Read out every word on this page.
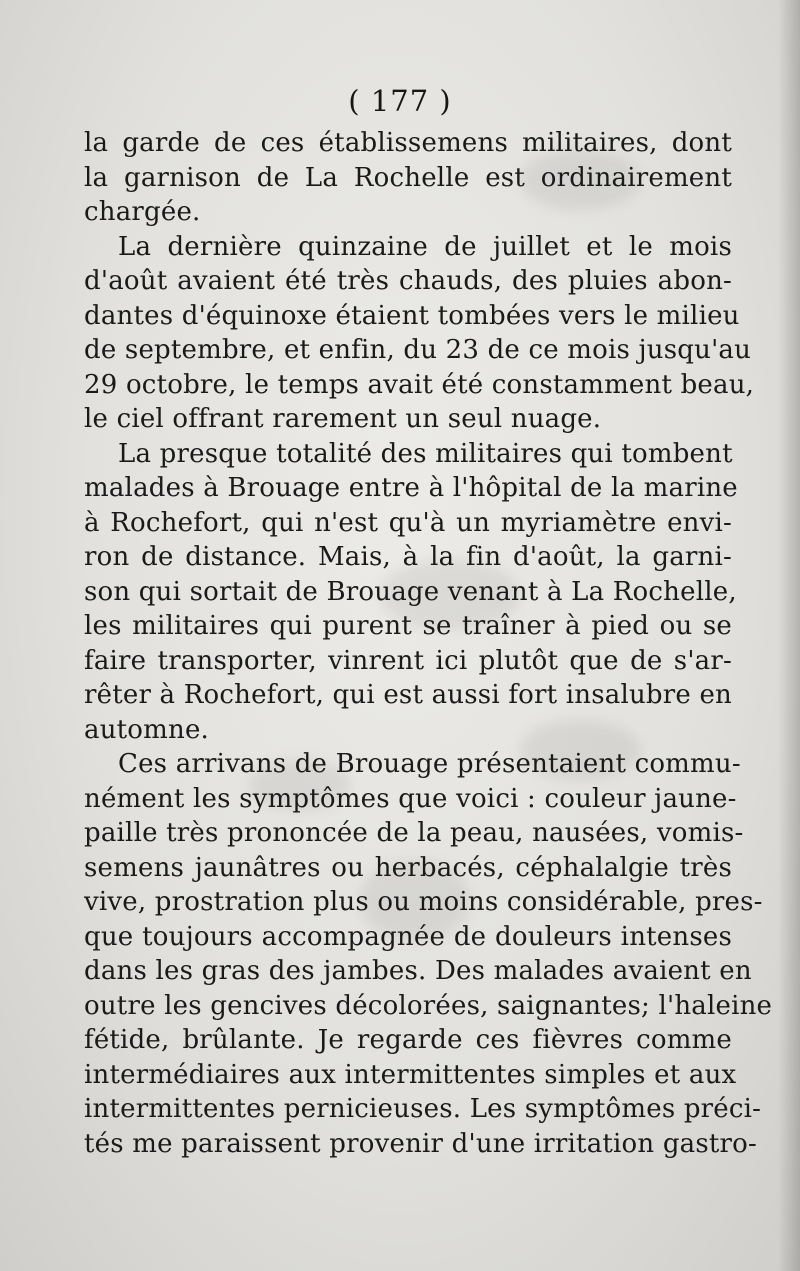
( 177 )
la garde de ces établissemens militaires, dont
la garnison de La Rochelle est ordinairement
chargée.
La dernière quinzaine de juillet et le mois
d'août avaient été très chauds, des pluies abon-
dantes d'équinoxe étaient tombées vers le milieu
de septembre, et enfin, du 23 de ce mois jusqu'au
29 octobre, le temps avait été constamment beau,
le ciel offrant rarement un seul nuage.
La presque totalité des militaires qui tombent
malades à Brouage entre à l'hôpital de la marine
à Rochefort, qui n'est qu'à un myriamètre envi-
ron de distance. Mais, à la fin d'août, la garni-
son qui sortait de Brouage venant à La Rochelle,
les militaires qui purent se traîner à pied ou se
faire transporter, vinrent ici plutôt que de s'ar-
rêter à Rochefort, qui est aussi fort insalubre en
automne.
Ces arrivans de Brouage présentaient commu-
nément les symptômes que voici : couleur jaune-
paille très prononcée de la peau, nausées, vomis-
semens jaunâtres ou herbacés, céphalalgie très
vive, prostration plus ou moins considérable, pres-
que toujours accompagnée de douleurs intenses
dans les gras des jambes. Des malades avaient en
outre les gencives décolorées, saignantes; l'haleine
fétide, brûlante. Je regarde ces fièvres comme
intermédiaires aux intermittentes simples et aux
intermittentes pernicieuses. Les symptômes préci-
tés me paraissent provenir d'une irritation gastro-
